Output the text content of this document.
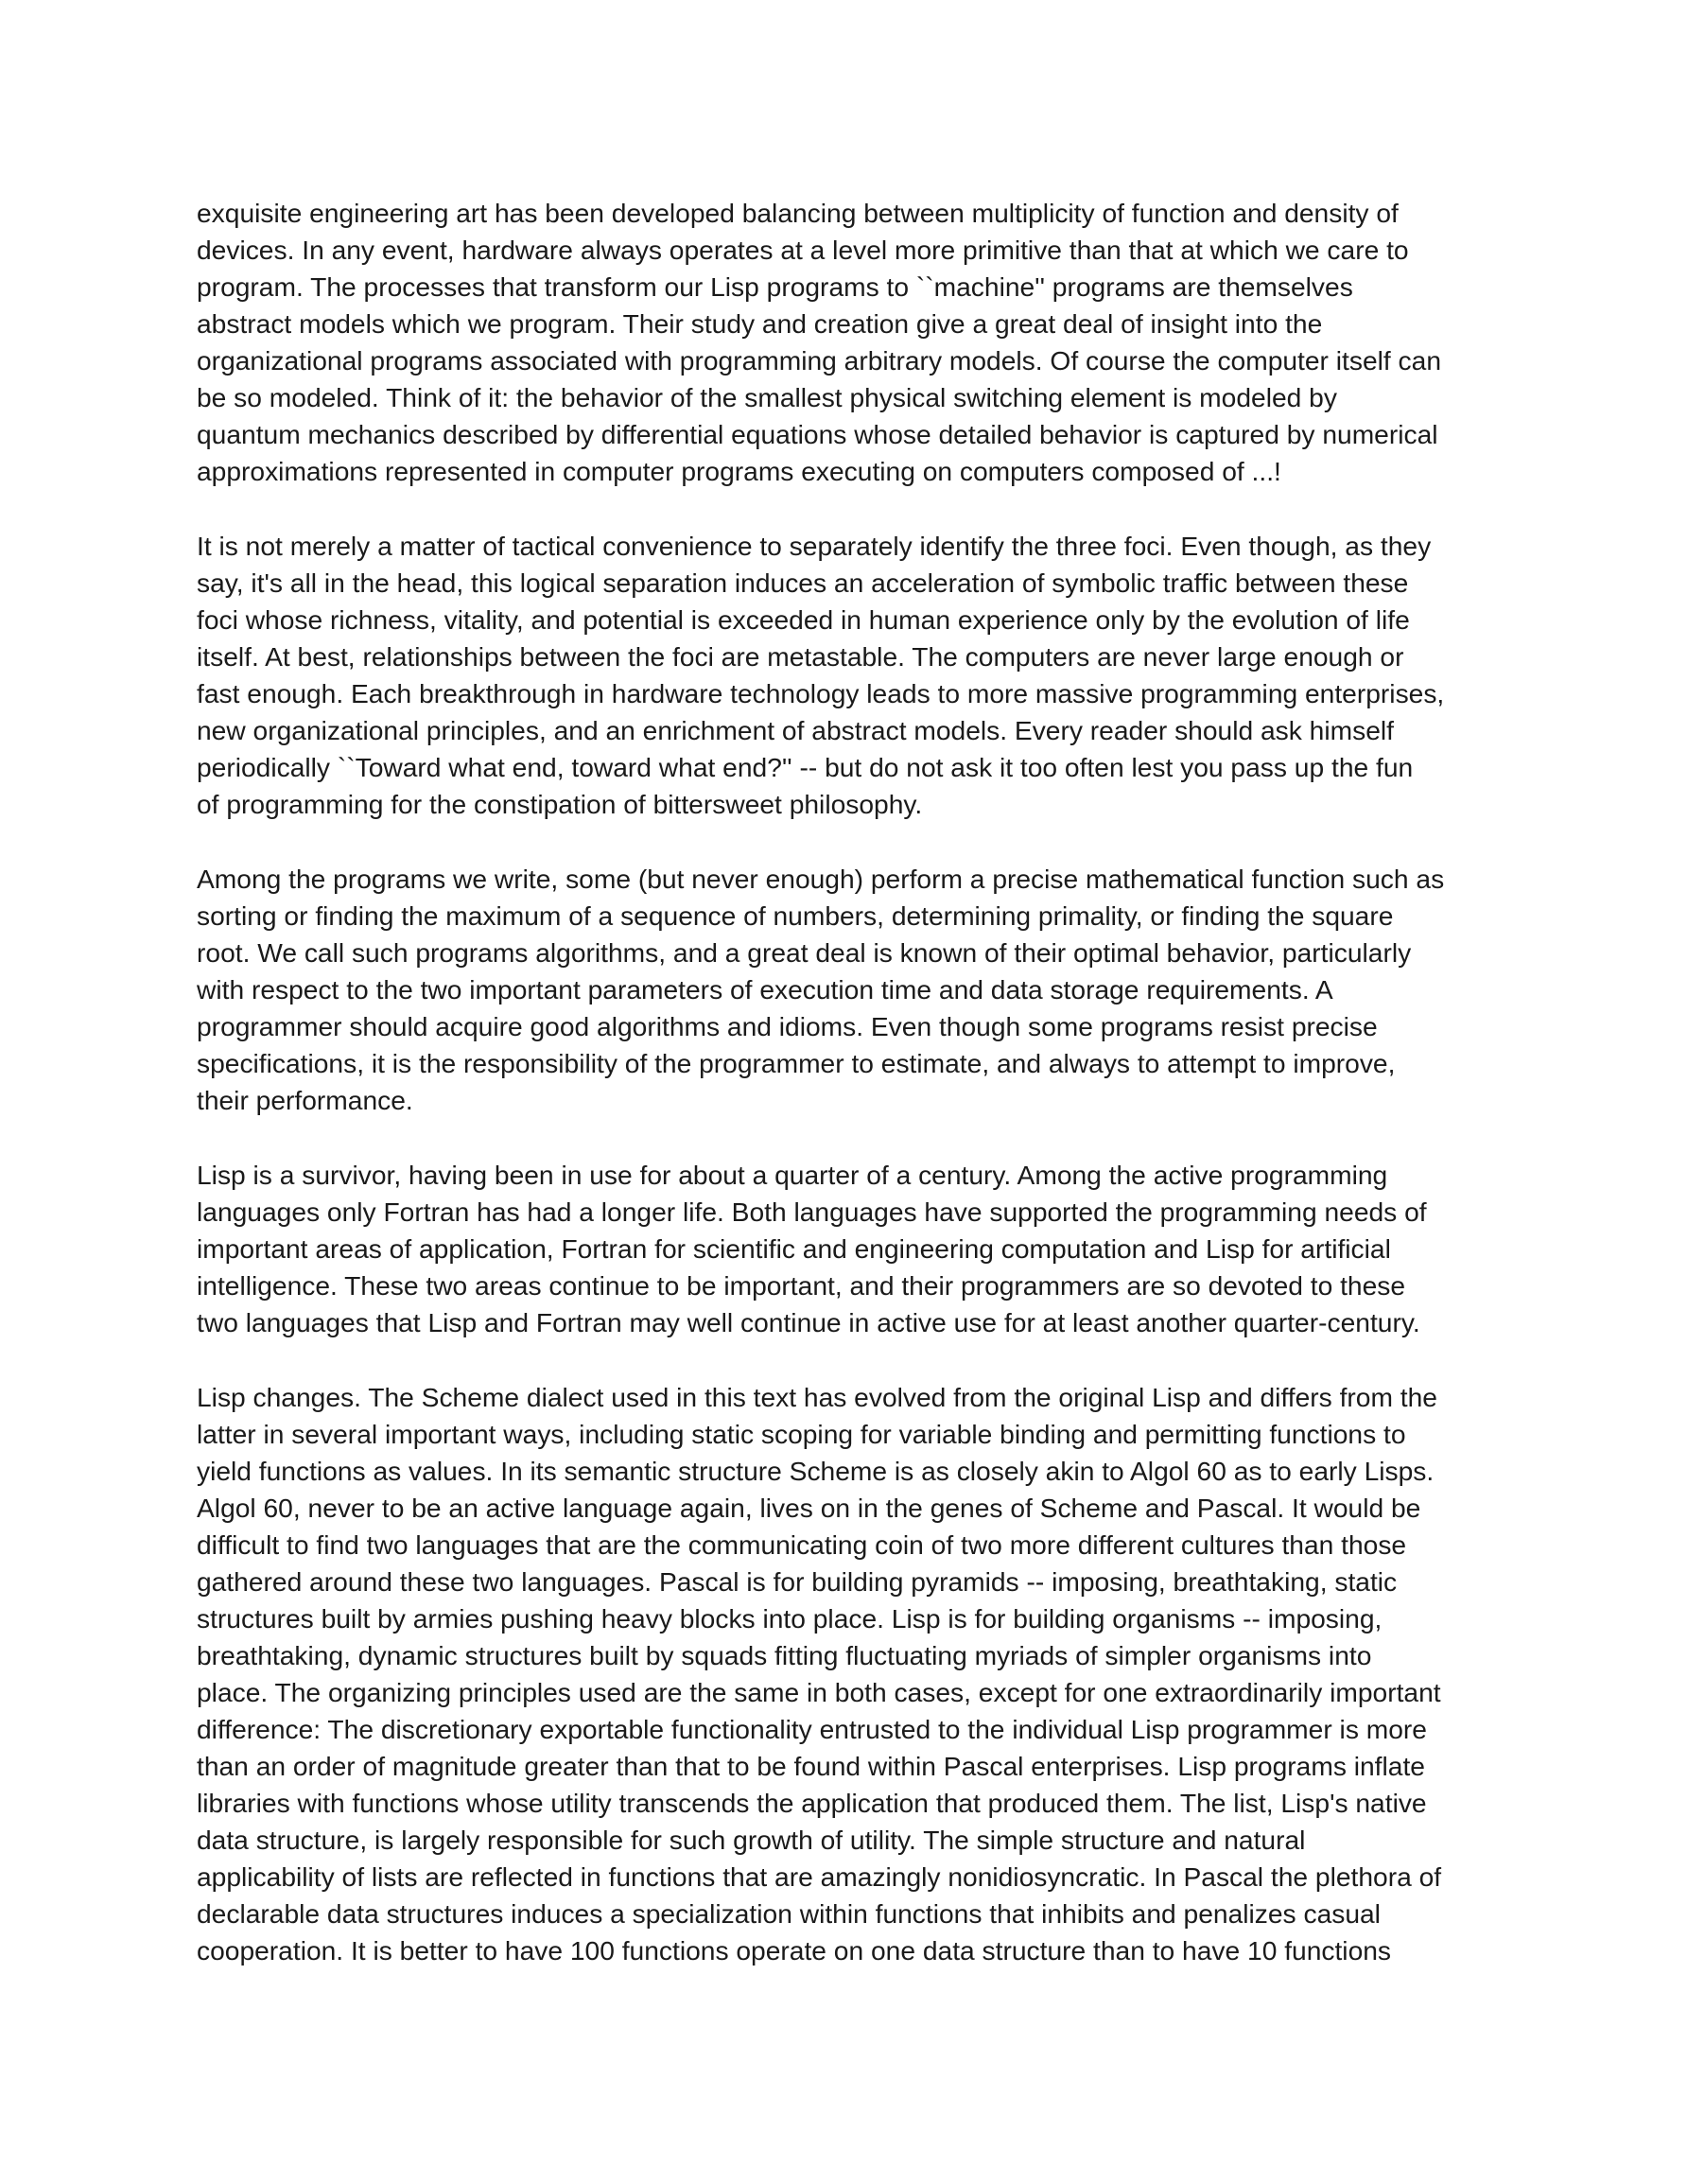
exquisite engineering art has been developed balancing between multiplicity of function and density of
devices. In any event, hardware always operates at a level more primitive than that at which we care to
program. The processes that transform our Lisp programs to ``machine'' programs are themselves
abstract models which we program. Their study and creation give a great deal of insight into the
organizational programs associated with programming arbitrary models. Of course the computer itself can
be so modeled. Think of it: the behavior of the smallest physical switching element is modeled by
quantum mechanics described by differential equations whose detailed behavior is captured by numerical
approximations represented in computer programs executing on computers composed of ...!

It is not merely a matter of tactical convenience to separately identify the three foci. Even though, as they
say, it's all in the head, this logical separation induces an acceleration of symbolic traffic between these
foci whose richness, vitality, and potential is exceeded in human experience only by the evolution of life
itself. At best, relationships between the foci are metastable. The computers are never large enough or
fast enough. Each breakthrough in hardware technology leads to more massive programming enterprises,
new organizational principles, and an enrichment of abstract models. Every reader should ask himself
periodically ``Toward what end, toward what end?'' -- but do not ask it too often lest you pass up the fun
of programming for the constipation of bittersweet philosophy.

Among the programs we write, some (but never enough) perform a precise mathematical function such as
sorting or finding the maximum of a sequence of numbers, determining primality, or finding the square
root. We call such programs algorithms, and a great deal is known of their optimal behavior, particularly
with respect to the two important parameters of execution time and data storage requirements. A
programmer should acquire good algorithms and idioms. Even though some programs resist precise
specifications, it is the responsibility of the programmer to estimate, and always to attempt to improve,
their performance.

Lisp is a survivor, having been in use for about a quarter of a century. Among the active programming
languages only Fortran has had a longer life. Both languages have supported the programming needs of
important areas of application, Fortran for scientific and engineering computation and Lisp for artificial
intelligence. These two areas continue to be important, and their programmers are so devoted to these
two languages that Lisp and Fortran may well continue in active use for at least another quarter-century.

Lisp changes. The Scheme dialect used in this text has evolved from the original Lisp and differs from the
latter in several important ways, including static scoping for variable binding and permitting functions to
yield functions as values. In its semantic structure Scheme is as closely akin to Algol 60 as to early Lisps.
Algol 60, never to be an active language again, lives on in the genes of Scheme and Pascal. It would be
difficult to find two languages that are the communicating coin of two more different cultures than those
gathered around these two languages. Pascal is for building pyramids -- imposing, breathtaking, static
structures built by armies pushing heavy blocks into place. Lisp is for building organisms -- imposing,
breathtaking, dynamic structures built by squads fitting fluctuating myriads of simpler organisms into
place. The organizing principles used are the same in both cases, except for one extraordinarily important
difference: The discretionary exportable functionality entrusted to the individual Lisp programmer is more
than an order of magnitude greater than that to be found within Pascal enterprises. Lisp programs inflate
libraries with functions whose utility transcends the application that produced them. The list, Lisp's native
data structure, is largely responsible for such growth of utility. The simple structure and natural
applicability of lists are reflected in functions that are amazingly nonidiosyncratic. In Pascal the plethora of
declarable data structures induces a specialization within functions that inhibits and penalizes casual
cooperation. It is better to have 100 functions operate on one data structure than to have 10 functions
